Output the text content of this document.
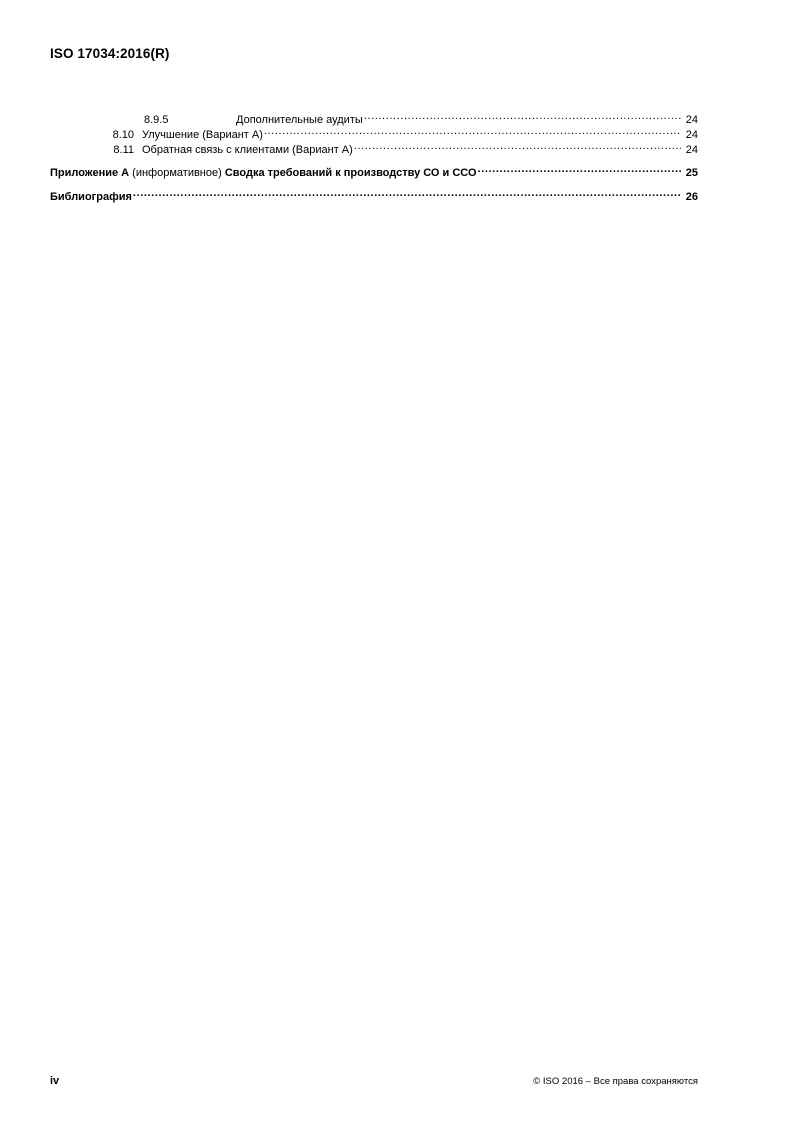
ISO 17034:2016(R)
8.9.5	Дополнительные аудиты .....	24
8.10 Улучшение (Вариант А) .....	24
8.11 Обратная связь с клиентами (Вариант А) .....	24
Приложение А (информативное) Сводка требований к производству СО и ССО .....	25
Библиография .....	26
iv	© ISO 2016 – Все права сохраняются
